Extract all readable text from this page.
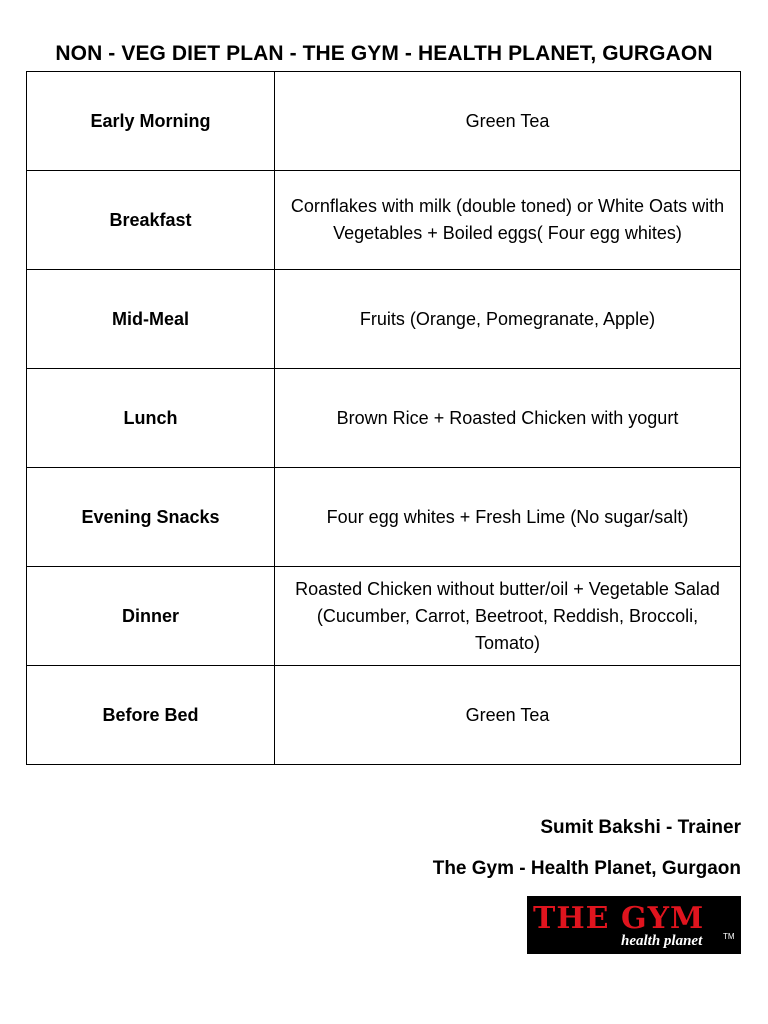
NON - VEG DIET PLAN - THE GYM - HEALTH PLANET, GURGAON
Early Morning	Green Tea
Breakfast	Cornflakes with milk (double toned) or White Oats with Vegetables + Boiled eggs( Four egg whites)
Mid-Meal	Fruits (Orange, Pomegranate, Apple)
Lunch	Brown Rice + Roasted Chicken with yogurt
Evening Snacks	Four egg whites + Fresh Lime (No sugar/salt)
Dinner	Roasted Chicken without butter/oil + Vegetable Salad (Cucumber, Carrot, Beetroot, Reddish, Broccoli, Tomato)
Before Bed	Green Tea
Sumit Bakshi - Trainer
The Gym - Health Planet, Gurgaon
THE GYM
health planet	TM
